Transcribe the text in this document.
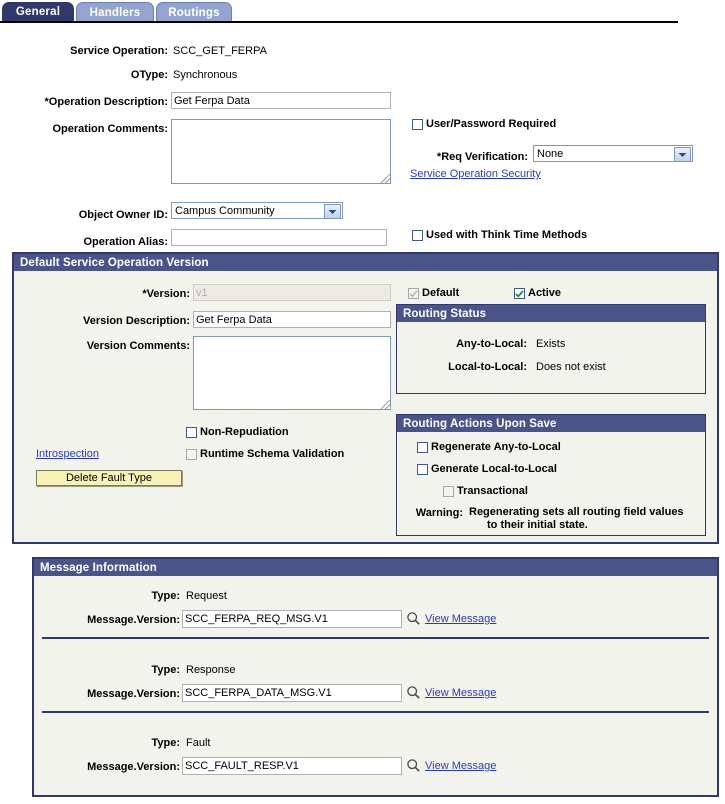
General	Handlers	Routings
Service Operation: SCC_GET_FERPA
OType: Synchronous
*Operation Description:
Get Ferpa Data
Operation Comments:
Object Owner ID: Campus Community
Operation Alias:
User/Password Required
*Req Verification: None
Service Operation Security
Used with Think Time Methods
Default Service Operation Version
*Version:
v1
Version Description:
Get Ferpa Data
Version Comments:
Default	Active
Routing Status
Any-to-Local: Exists
Local-to-Local: Does not exist
Non-Repudiation
Runtime Schema Validation
Introspection
Delete Fault Type
Routing Actions Upon Save
Regenerate Any-to-Local
Generate Local-to-Local
Transactional
Warning: Regenerating sets all routing field values
to their initial state.
Message Information
Type: Request
Message.Version:
SCC_FERPA_REQ_MSG.V1	View Message
Type: Response
Message.Version:
SCC_FERPA_DATA_MSG.V1	View Message
Type: Fault
Message.Version:
SCC_FAULT_RESP.V1	View Message
